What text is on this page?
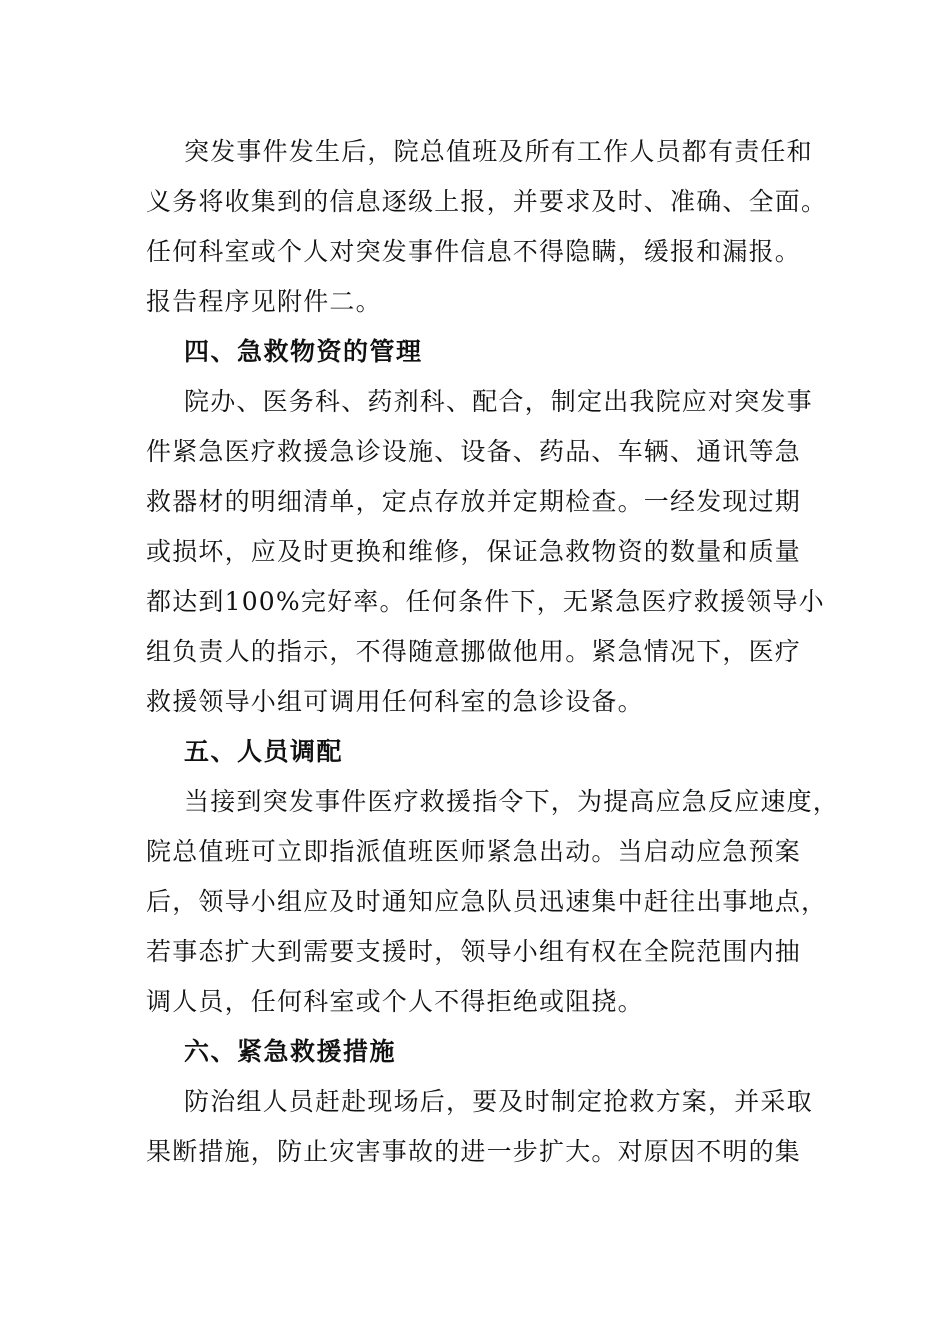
突发事件发生后，院总值班及所有工作人员都有责任和
义务将收集到的信息逐级上报，并要求及时、准确、全面。
任何科室或个人对突发事件信息不得隐瞒，缓报和漏报。
报告程序见附件二。
四、急救物资的管理
院办、医务科、药剂科、配合，制定出我院应对突发事
件紧急医疗救援急诊设施、设备、药品、车辆、通讯等急
救器材的明细清单，定点存放并定期检查。一经发现过期
或损坏，应及时更换和维修，保证急救物资的数量和质量
都达到100%完好率。任何条件下，无紧急医疗救援领导小
组负责人的指示，不得随意挪做他用。紧急情况下，医疗
救援领导小组可调用任何科室的急诊设备。
五、人员调配
当接到突发事件医疗救援指令下，为提高应急反应速度，
院总值班可立即指派值班医师紧急出动。当启动应急预案
后，领导小组应及时通知应急队员迅速集中赶往出事地点，
若事态扩大到需要支援时，领导小组有权在全院范围内抽
调人员，任何科室或个人不得拒绝或阻挠。
六、紧急救援措施
防治组人员赶赴现场后，要及时制定抢救方案，并采取
果断措施，防止灾害事故的进一步扩大。对原因不明的集
